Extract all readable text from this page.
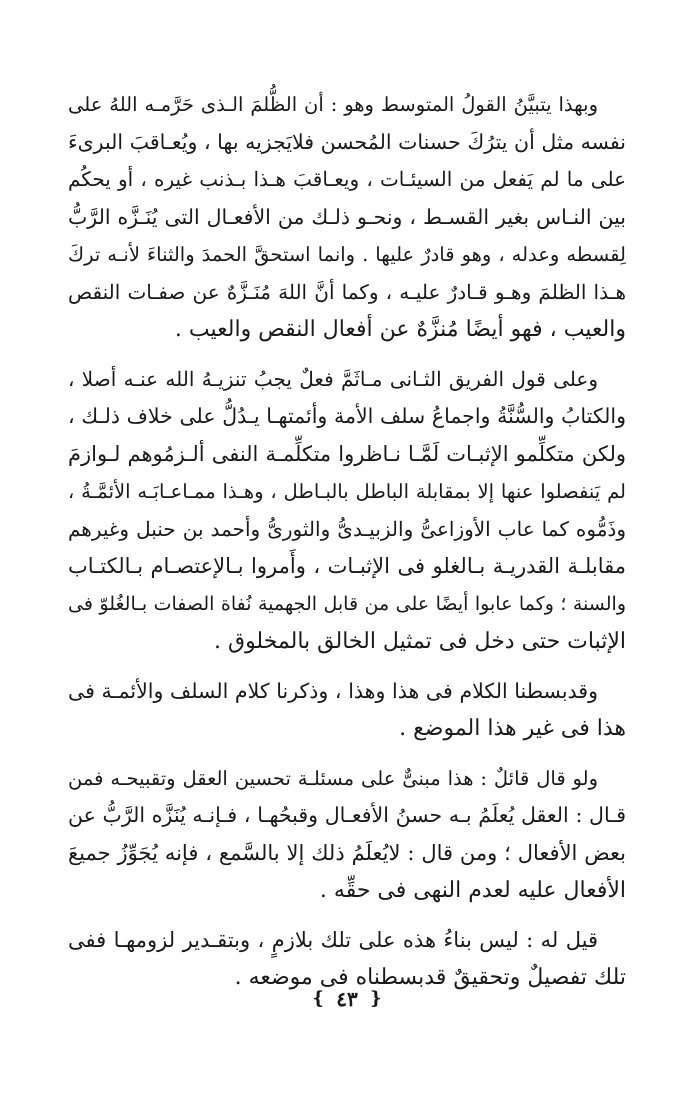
وبهذا يتبيَّنُ القولُ المتوسط وهو : أن الظُّلمَ الـذى حَرَّمـه اللهُ على
نفسه مثل أن يترُكَ حسنات المُحسن فلايَجزيه بها ، ويُعـاقبَ البرىءَ
على ما لم يَفعل من السيئـات ، ويعـاقبَ هـذا بـذنب غيره ، أو يحكُم
بين النـاس بغير القسـط ، ونحـو ذلـك من الأفعـال التى يُنَـزَّه الرَّبُّ
لِقسطه وعدله ، وهو قادرٌ عليها . وانما استحقَّ الحمدَ والثناءَ لأنـه تركَ
هـذا الظلمَ وهـو قـادرٌ عليـه ، وكما أنَّ اللهَ مُنَـزَّهٌ عن صفـات النقص
والعيب ، فهو أيضًا مُنزَّهٌ عن أفعال النقص والعيب .

وعلى قول الفريق الثـانى مـاثَمَّ فعلٌ يجبُ تنزيـهُ الله عنـه أصلا ،
والكتابُ والسُّنَّةُ واجماعُ سلف الأمة وأئمتهـا يـدُلُّ على خلاف ذلـك ،
ولكن متكلِّمو الإثبـات لَمَّـا نـاظروا متكلِّمـة النفى ألـزمُوهم لـوازمَ
لم يَنفصلوا عنها إلا بمقابلة الباطل بالبـاطل ، وهـذا ممـاعـابَـه الأئمَّـةُ ،
وذَمُّوه كما عاب الأوزاعىُّ والزبيـدىُّ والثورىُّ وأحمد بن حنبل وغيرهم
مقابلـة القدريـة بـالغلو فى الإثبـات ، وأَمروا بـالإعتصـام بـالكتـاب
والسنة ؛ وكما عابوا أيضًا على من قابل الجهمية نُفاة الصفات بـالغُلوّ فى
الإثبات حتى دخل فى تمثيل الخالق بالمخلوق .

وقدبسطنا الكلام فى هذا وهذا ، وذكرنا كلام السلف والأئمـة فى
هذا فى غير هذا الموضع .

ولو قال قائلٌ : هذا مبنىٌّ على مسئلـة تحسين العقل وتقبيحـه فمن
قـال : العقل يُعلَمُ بـه حسنُ الأفعـال وقبحُهـا ، فـإنـه يُنَزَّه الرَّبُّ عن
بعض الأفعال ؛ ومن قال : لايُعلَمُ ذلك إلا بالسَّمع ، فإنه يُجَوِّزُ جميعَ
الأفعال عليه لعدم النهى فى حقِّه .

قيل له : ليس بناءُ هذه على تلك بلازمٍ ، وبتقـدير لزومهـا ففى
تلك تفصيلٌ وتحقيقٌ قدبسطناه فى موضعه .

❴ ٤٣ ❵
